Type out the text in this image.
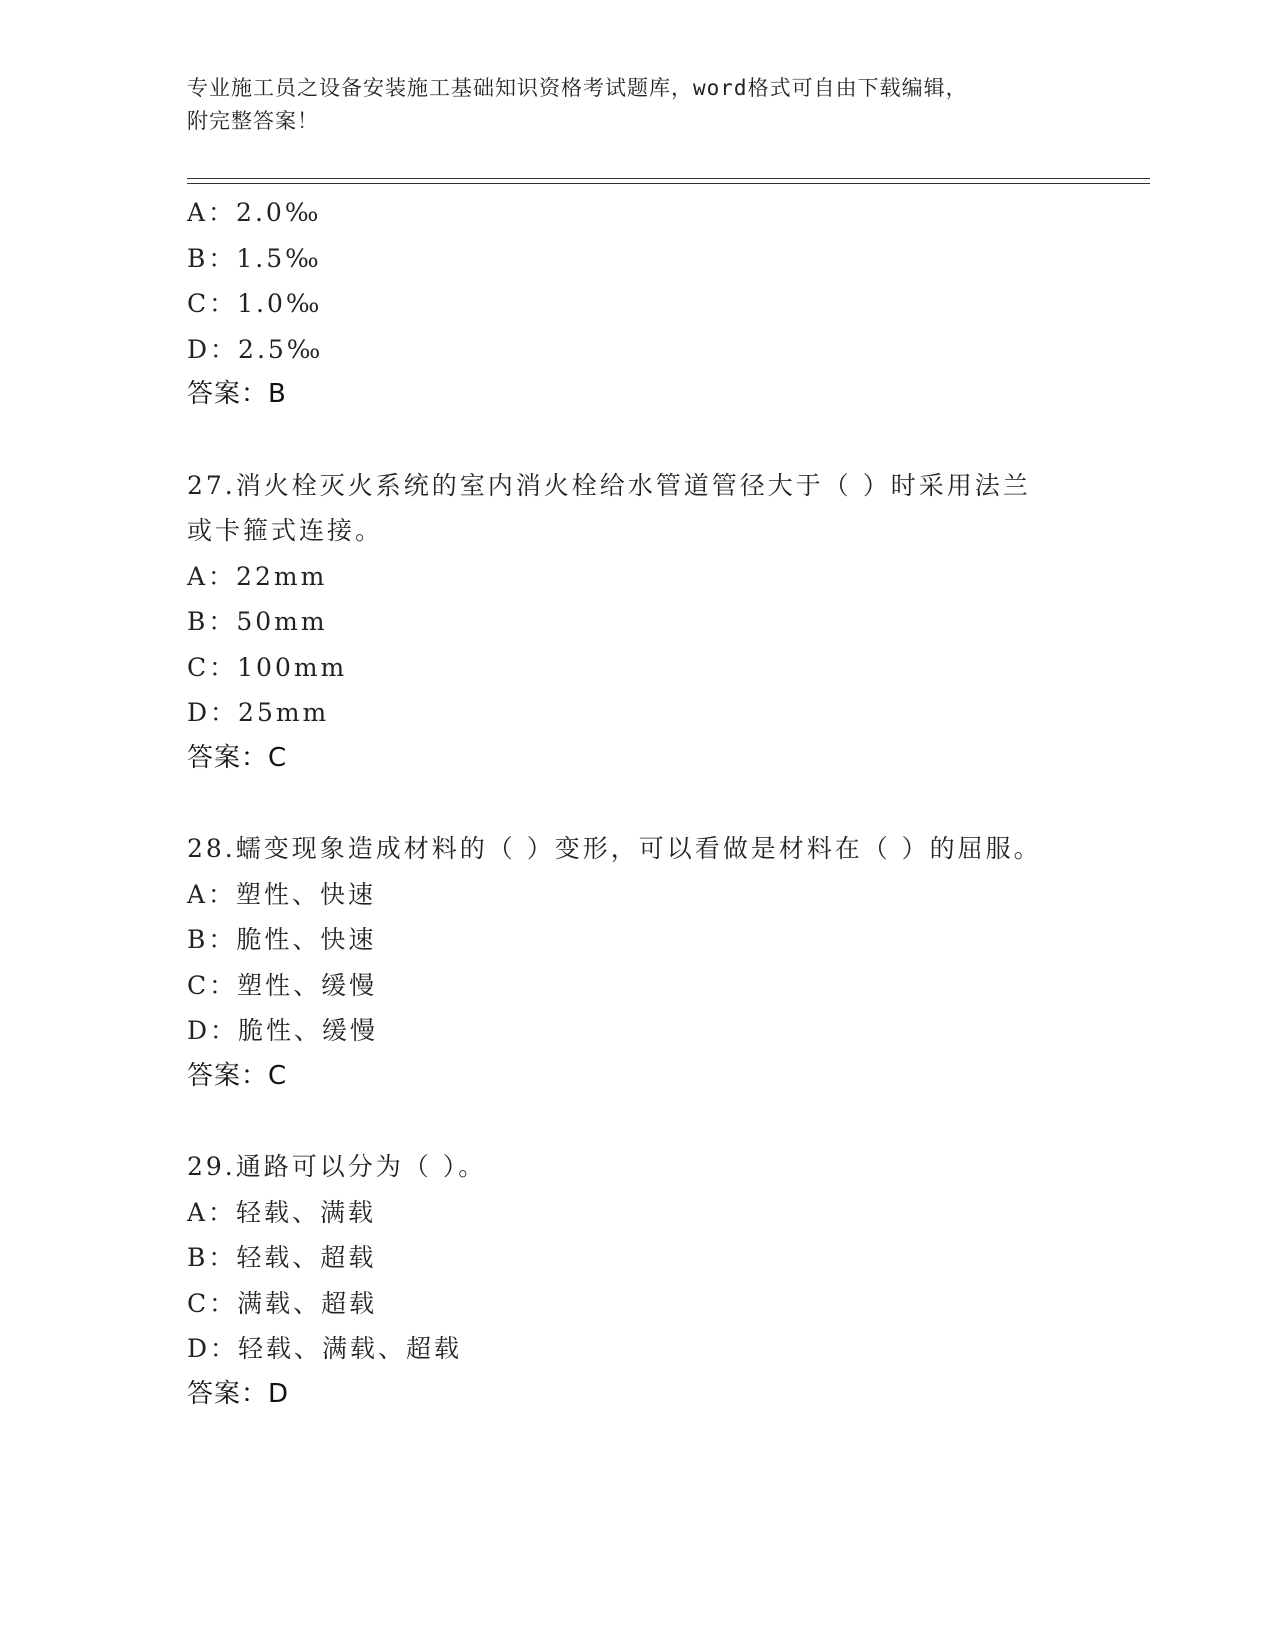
专业施工员之设备安装施工基础知识资格考试题库，word格式可自由下载编辑，
附完整答案！
A：2.0‰
B：1.5‰
C：1.0‰
D：2.5‰
答案：B
27.消火栓灭火系统的室内消火栓给水管道管径大于（ ）时采用法兰
或卡箍式连接。
A：22mm
B：50mm
C：100mm
D：25mm
答案：C
28.蠕变现象造成材料的（ ）变形，可以看做是材料在（ ）的屈服。
A：塑性、快速
B：脆性、快速
C：塑性、缓慢
D：脆性、缓慢
答案：C
29.通路可以分为（ ）。
A：轻载、满载
B：轻载、超载
C：满载、超载
D：轻载、满载、超载
答案：D
